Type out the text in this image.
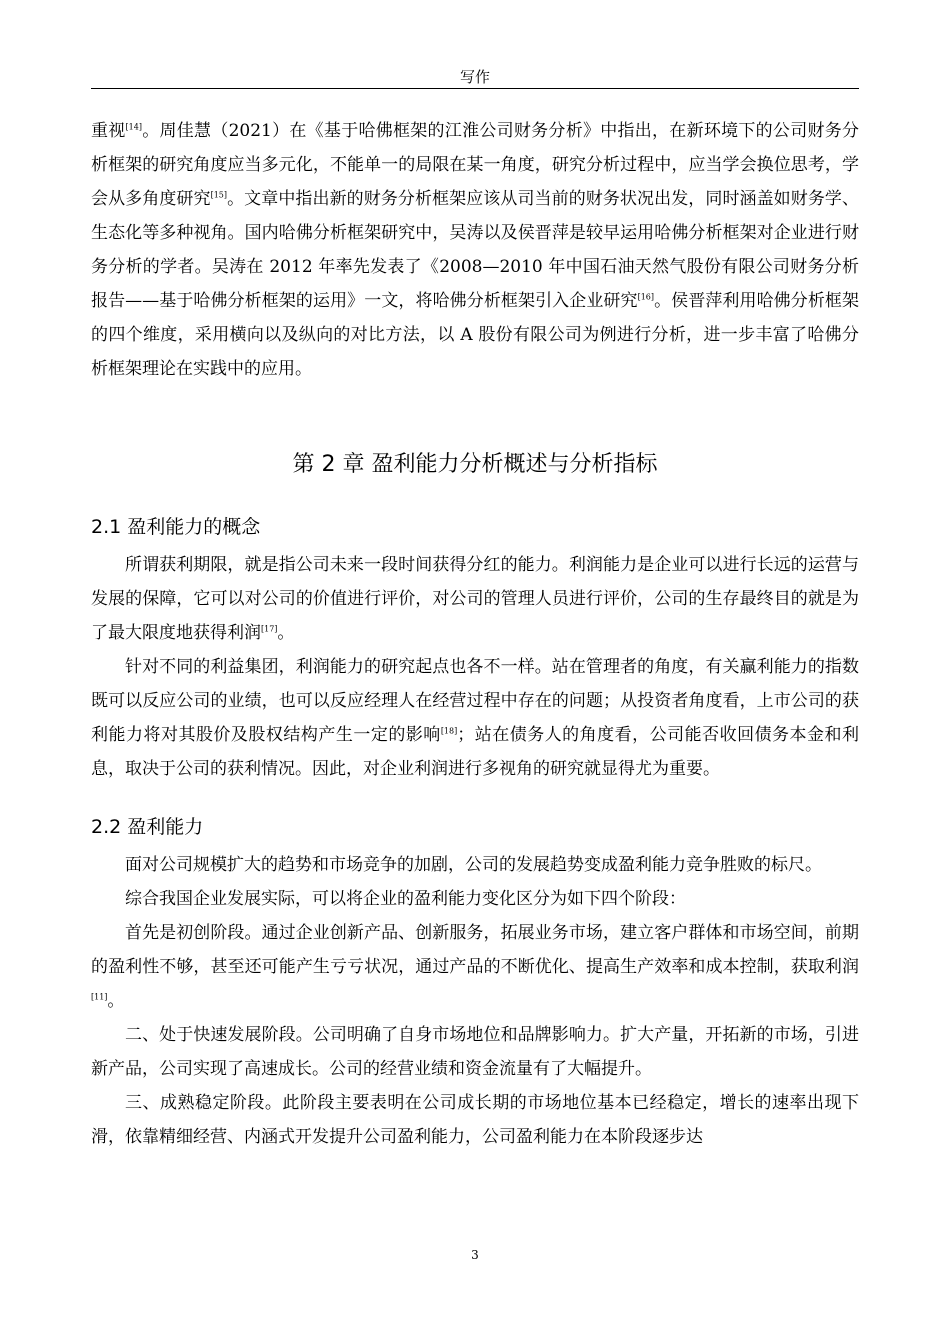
写作

重视[14]。周佳慧（2021）在《基于哈佛框架的江淮公司财务分析》中指出，在新环境下的公司财务分析框架的研究角度应当多元化，不能单一的局限在某一角度，研究分析过程中，应当学会换位思考，学会从多角度研究[15]。文章中指出新的财务分析框架应该从司当前的财务状况出发，同时涵盖如财务学、生态化等多种视角。国内哈佛分析框架研究中，吴涛以及侯晋萍是较早运用哈佛分析框架对企业进行财务分析的学者。吴涛在 2012 年率先发表了《2008—2010 年中国石油天然气股份有限公司财务分析报告——基于哈佛分析框架的运用》一文，将哈佛分析框架引入企业研究[16]。侯晋萍利用哈佛分析框架的四个维度，采用横向以及纵向的对比方法，以 A 股份有限公司为例进行分析，进一步丰富了哈佛分析框架理论在实践中的应用。

第 2 章 盈利能力分析概述与分析指标
2.1 盈利能力的概念

所谓获利期限，就是指公司未来一段时间获得分红的能力。利润能力是企业可以进行长远的运营与发展的保障，它可以对公司的价值进行评价，对公司的管理人员进行评价，公司的生存最终目的就是为了最大限度地获得利润[17]。

针对不同的利益集团，利润能力的研究起点也各不一样。站在管理者的角度，有关赢利能力的指数既可以反应公司的业绩，也可以反应经理人在经营过程中存在的问题；从投资者角度看，上市公司的获利能力将对其股价及股权结构产生一定的影响[18]；站在债务人的角度看，公司能否收回债务本金和利息，取决于公司的获利情况。因此，对企业利润进行多视角的研究就显得尤为重要。

2.2 盈利能力

面对公司规模扩大的趋势和市场竞争的加剧，公司的发展趋势变成盈利能力竞争胜败的标尺。

综合我国企业发展实际，可以将企业的盈利能力变化区分为如下四个阶段：

首先是初创阶段。通过企业创新产品、创新服务，拓展业务市场，建立客户群体和市场空间，前期的盈利性不够，甚至还可能产生亏亏状况，通过产品的不断优化、提高生产效率和成本控制，获取利润[11]。

二、处于快速发展阶段。公司明确了自身市场地位和品牌影响力。扩大产量，开拓新的市场，引进新产品，公司实现了高速成长。公司的经营业绩和资金流量有了大幅提升。

三、成熟稳定阶段。此阶段主要表明在公司成长期的市场地位基本已经稳定，增长的速率出现下滑，依靠精细经营、内涵式开发提升公司盈利能力，公司盈利能力在本阶段逐步达

3
